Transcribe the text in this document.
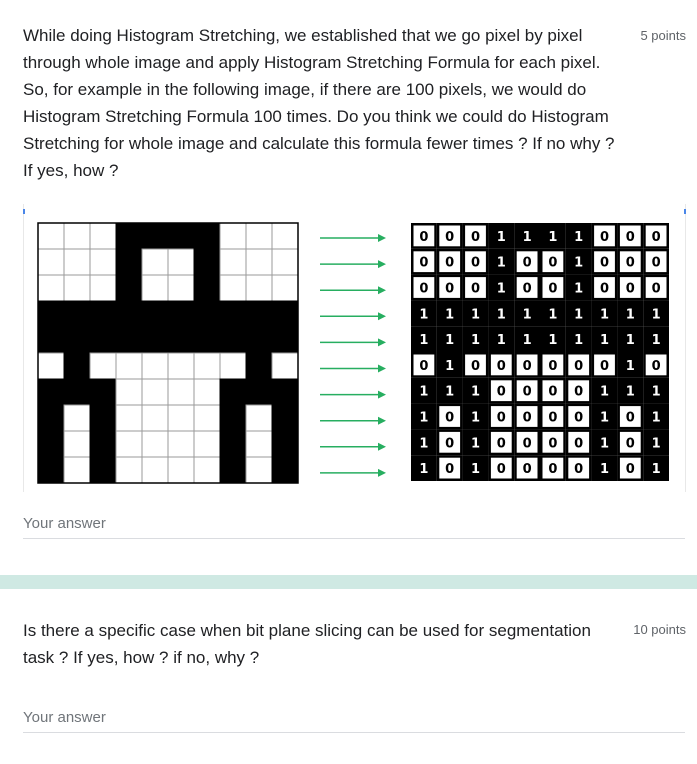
While doing Histogram Stretching, we established that we go pixel by pixel through whole image and apply Histogram Stretching Formula for each pixel. So, for example in the following image, if there are 100 pixels, we would do Histogram Stretching Formula 100 times. Do you think we could do Histogram Stretching for whole image and calculate this formula fewer times ? If no why ? If yes, how ?

5 points
0 0 0 1 1 1 1 0 0 0
0 0 0 1 0 0 1 0 0 0
0 0 0 1 0 0 1 0 0 0
1 1 1 1 1 1 1 1 1 1
1 1 1 1 1 1 1 1 1 1
0 1 0 0 0 0 0 0 1 0
1 1 1 0 0 0 0 1 1 1
1 0 1 0 0 0 0 1 0 1
1 0 1 0 0 0 0 1 0 1
1 0 1 0 0 0 0 1 0 1
Your answer

Is there a specific case when bit plane slicing can be used for segmentation task ? If yes, how ? if no, why ?

10 points
Your answer
